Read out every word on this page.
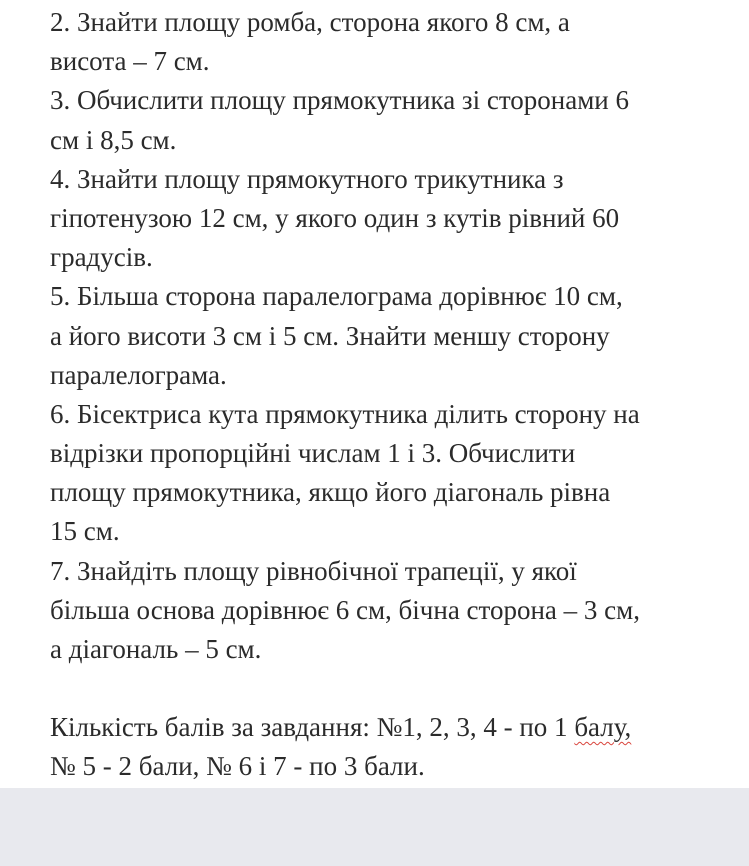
2. Знайти площу ромба, сторона якого 8 см, а
висота – 7 см.
3. Обчислити площу прямокутника зі сторонами 6
см і 8,5 см.
4. Знайти площу прямокутного трикутника з
гіпотенузою 12 см, у якого один з кутів рівний 60
градусів.
5. Більша сторона паралелограма дорівнює 10 см,
а його висоти 3 см і 5 см. Знайти меншу сторону
паралелограма.
6. Бісектриса кута прямокутника ділить сторону на
відрізки пропорційні числам 1 і 3. Обчислити
площу прямокутника, якщо його діагональ рівна
15 см.
7. Знайдіть площу рівнобічної трапеції, у якої
більша основа дорівнює 6 см, бічна сторона – 3 см,
а діагональ – 5 см.
Кількість балів за завдання: №1, 2, 3, 4 - по 1 балу,
№ 5 - 2 бали, № 6 і 7 - по 3 бали.
